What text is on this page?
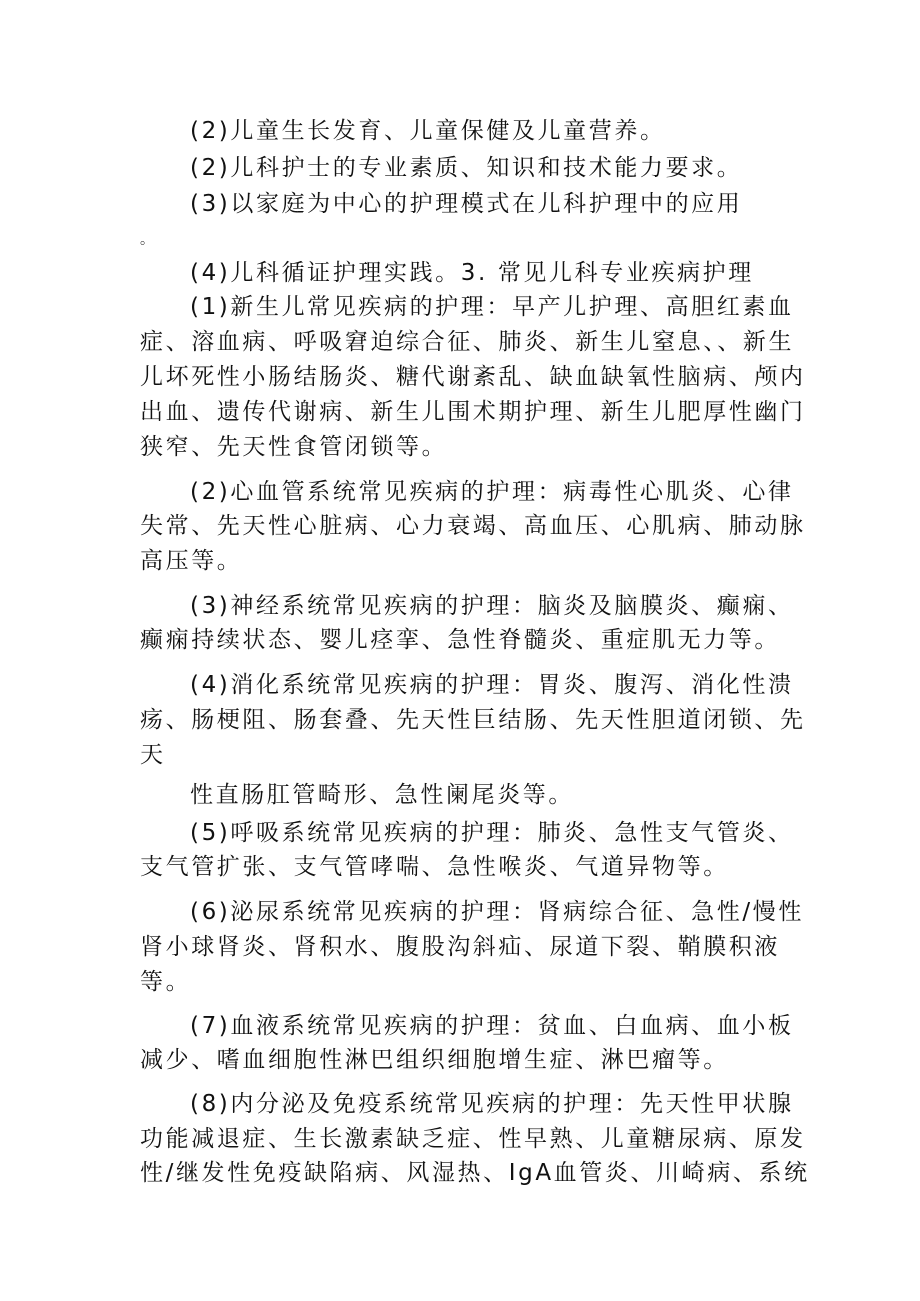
(2)儿童生长发育、儿童保健及儿童营养。
(2)儿科护士的专业素质、知识和技术能力要求。
(3)以家庭为中心的护理模式在儿科护理中的应用
。
(4)儿科循证护理实践。3. 常见儿科专业疾病护理
(1)新生儿常见疾病的护理：早产儿护理、高胆红素血
症、溶血病、呼吸窘迫综合征、肺炎、新生儿窒息、、新生
儿坏死性小肠结肠炎、糖代谢紊乱、缺血缺氧性脑病、颅内
出血、遗传代谢病、新生儿围术期护理、新生儿肥厚性幽门
狭窄、先天性食管闭锁等。
(2)心血管系统常见疾病的护理：病毒性心肌炎、心律
失常、先天性心脏病、心力衰竭、高血压、心肌病、肺动脉
高压等。
(3)神经系统常见疾病的护理：脑炎及脑膜炎、癫痫、
癫痫持续状态、婴儿痉挛、急性脊髓炎、重症肌无力等。
(4)消化系统常见疾病的护理：胃炎、腹泻、消化性溃
疡、肠梗阻、肠套叠、先天性巨结肠、先天性胆道闭锁、先
天
性直肠肛管畸形、急性阑尾炎等。
(5)呼吸系统常见疾病的护理：肺炎、急性支气管炎、
支气管扩张、支气管哮喘、急性喉炎、气道异物等。
(6)泌尿系统常见疾病的护理：肾病综合征、急性/慢性
肾小球肾炎、肾积水、腹股沟斜疝、尿道下裂、鞘膜积液
等。
(7)血液系统常见疾病的护理：贫血、白血病、血小板
减少、嗜血细胞性淋巴组织细胞增生症、淋巴瘤等。
(8)内分泌及免疫系统常见疾病的护理：先天性甲状腺
功能减退症、生长激素缺乏症、性早熟、儿童糖尿病、原发
性/继发性免疫缺陷病、风湿热、IgA血管炎、川崎病、系统
